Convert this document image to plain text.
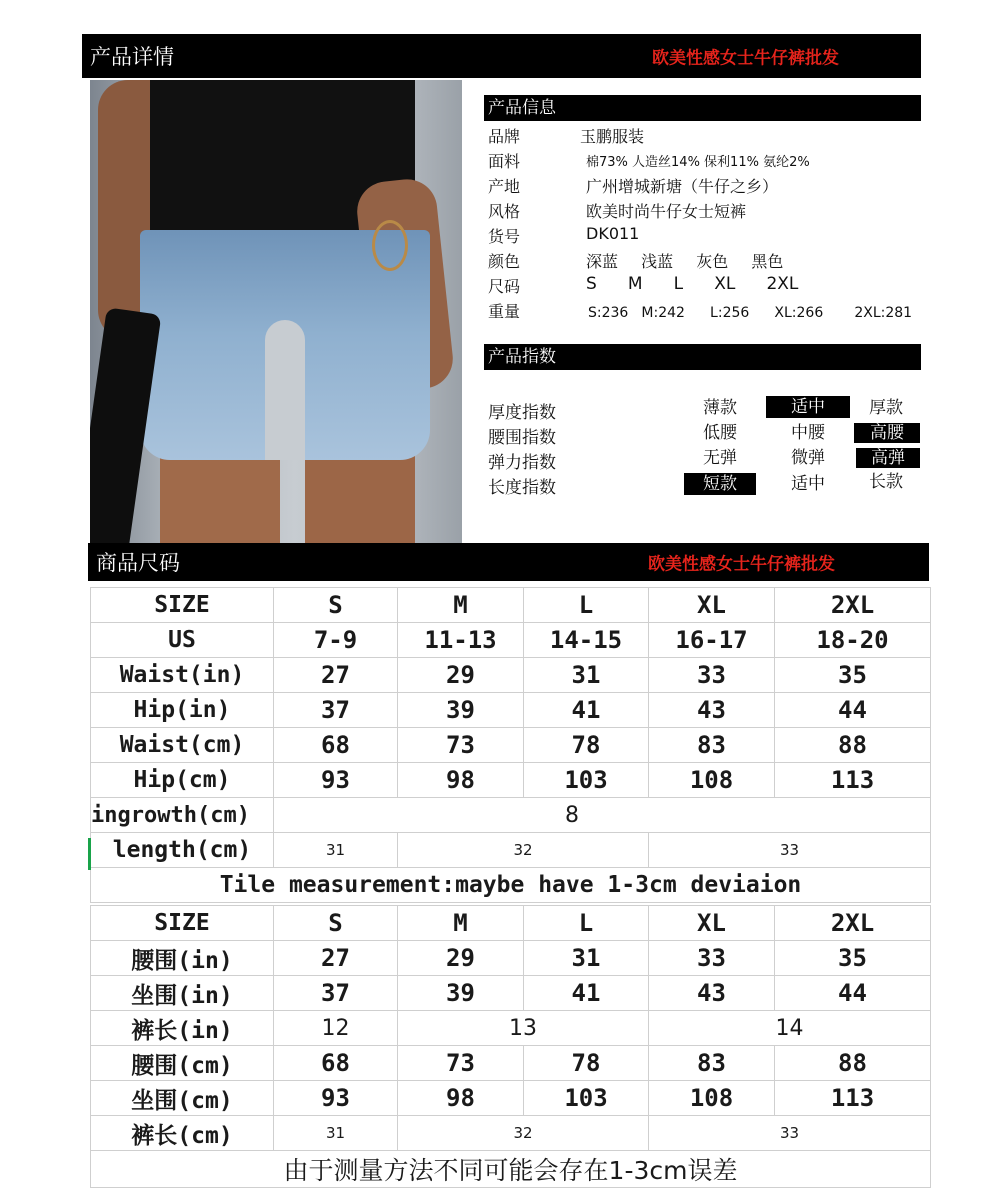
产品详情	欧美性感女士牛仔裤批发
产品信息
品牌	玉鹏服装
面料	棉73% 人造丝14% 保利11% 氨纶2%
产地	广州增城新塘（牛仔之乡）
风格	欧美时尚牛仔女士短裤
货号	DK011
颜色	深蓝 浅蓝 灰色 黑色
尺码	S M L XL 2XL
重量	S:236 M:242 L:256 XL:266 2XL:281
产品指数
厚度指数	薄款	适中	厚款
腰围指数	低腰	中腰	高腰
弹力指数	无弹	微弹	高弹
长度指数	短款	适中	长款
商品尺码	欧美性感女士牛仔裤批发
SIZE	S	M	L	XL	2XL
US	7-9	11-13	14-15	16-17	18-20
Waist(in)	27	29	31	33	35
Hip(in)	37	39	41	43	44
Waist(cm)	68	73	78	83	88
Hip(cm)	93	98	103	108	113
ingrowth(cm)	8				
length(cm)	31	32		33	
Tile measurement:maybe have 1-3cm deviaion					
SIZE	S	M	L	XL	2XL
腰围(in)	27	29	31	33	35
坐围(in)	37	39	41	43	44
裤长(in)	12	13		14	
腰围(cm)	68	73	78	83	88
坐围(cm)	93	98	103	108	113
裤长(cm)	31	32		33	
由于测量方法不同可能会存在1-3cm误差					
